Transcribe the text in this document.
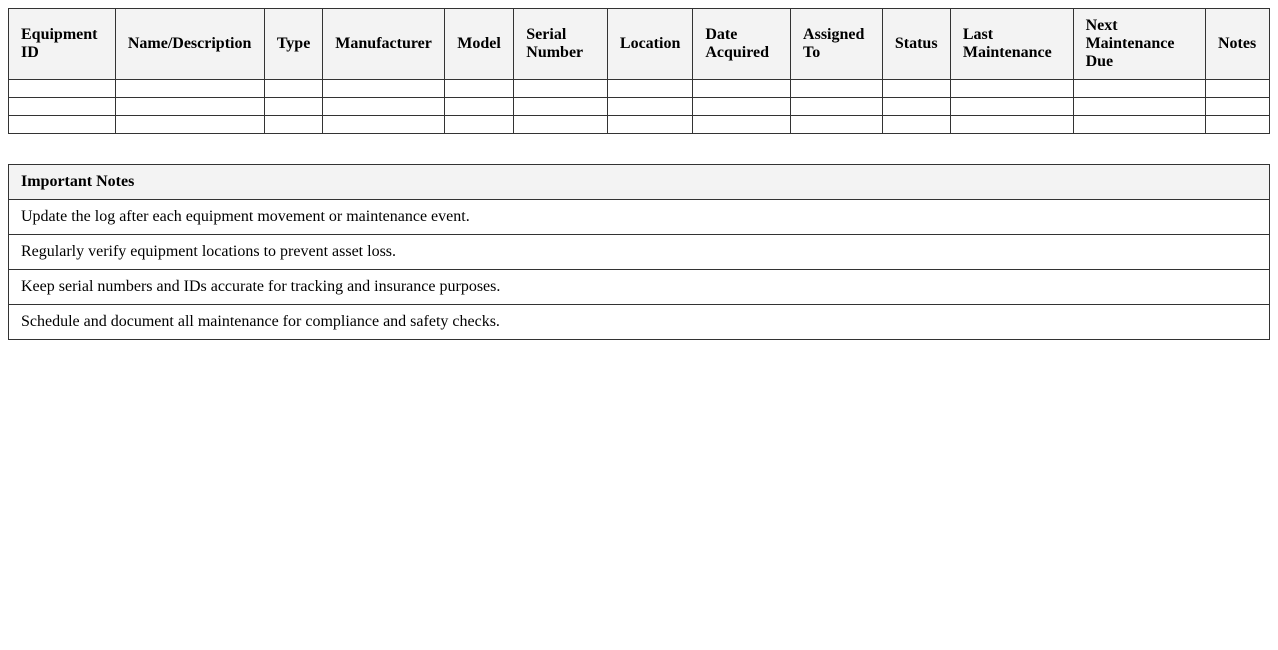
Equipment ID	Name/Description	Type	Manufacturer	Model	Serial Number	Location	Date Acquired	Assigned To	Status	Last Maintenance	Next Maintenance Due	Notes

Important Notes
Update the log after each equipment movement or maintenance event.
Regularly verify equipment locations to prevent asset loss.
Keep serial numbers and IDs accurate for tracking and insurance purposes.
Schedule and document all maintenance for compliance and safety checks.
